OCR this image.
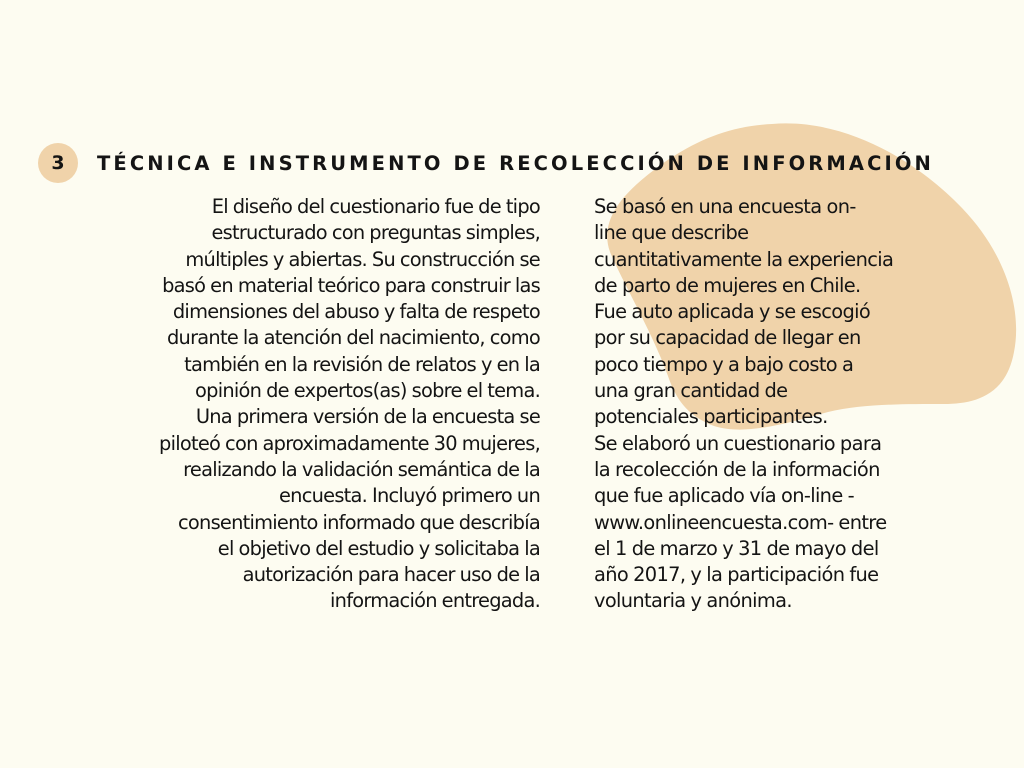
3 TÉCNICA E INSTRUMENTO DE RECOLECCIÓN DE INFORMACIÓN

El diseño del cuestionario fue de tipo

estructurado con preguntas simples,

múltiples y abiertas. Su construcción se

basó en material teórico para construir las

dimensiones del abuso y falta de respeto

durante la atención del nacimiento, como

también en la revisión de relatos y en la

opinión de expertos(as) sobre el tema.

Una primera versión de la encuesta se

piloteó con aproximadamente 30 mujeres,

realizando la validación semántica de la

encuesta. Incluyó primero un

consentimiento informado que describía

el objetivo del estudio y solicitaba la

autorización para hacer uso de la

información entregada.

Se basó en una encuesta on-

line que describe

cuantitativamente la experiencia

de parto de mujeres en Chile.

Fue auto aplicada y se escogió

por su capacidad de llegar en

poco tiempo y a bajo costo a

una gran cantidad de

potenciales participantes.

Se elaboró un cuestionario para

la recolección de la información

que fue aplicado vía on-line -

www.onlineencuesta.com- entre

el 1 de marzo y 31 de mayo del

año 2017, y la participación fue

voluntaria y anónima.
